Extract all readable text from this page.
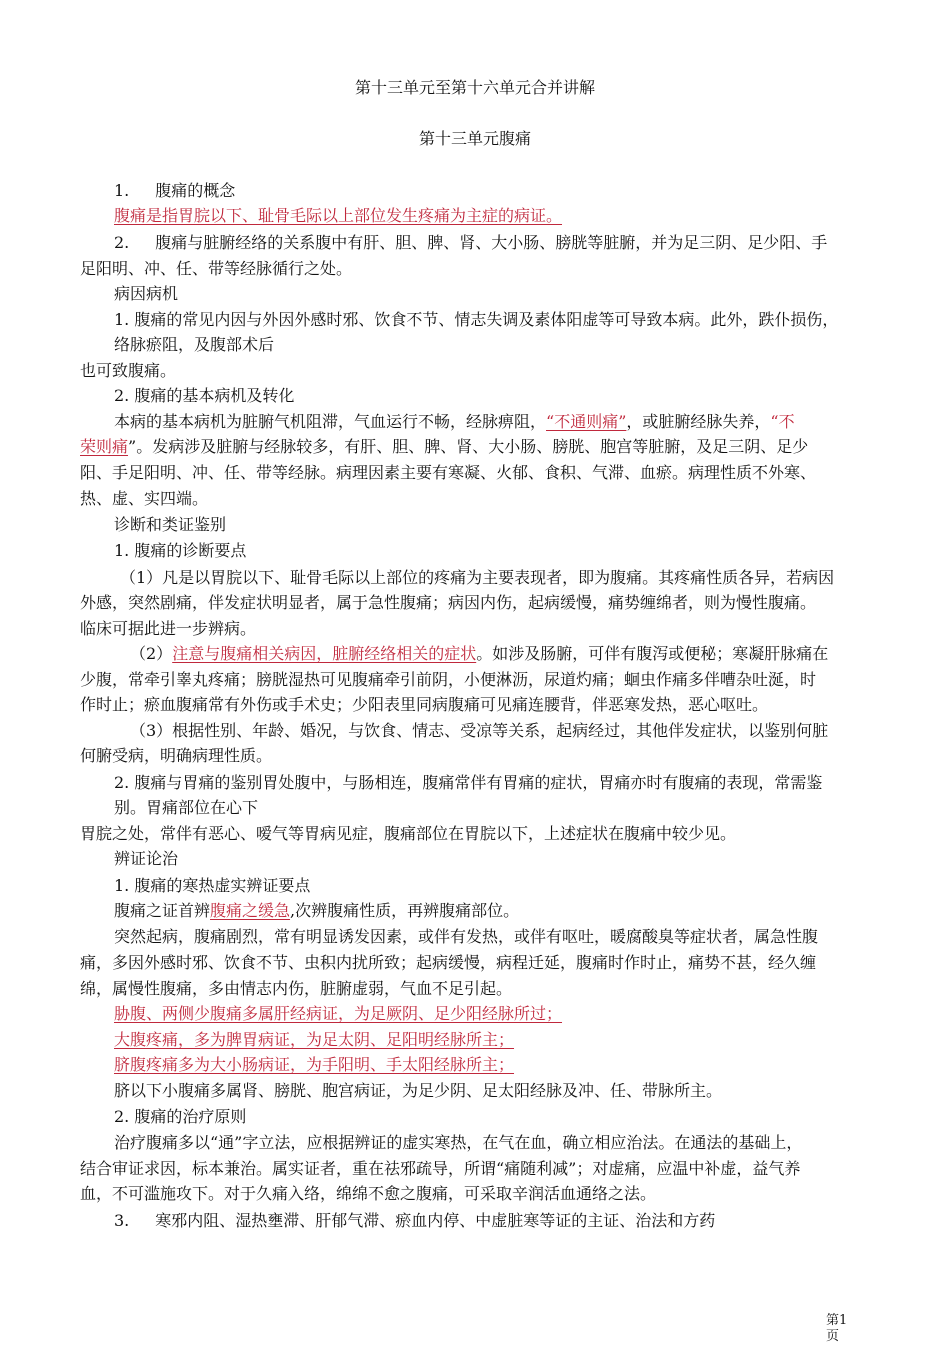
第十三单元至第十六单元合并讲解
第十三单元腹痛
1. 腹痛的概念
腹痛是指胃脘以下、耻骨毛际以上部位发生疼痛为主症的病证。
2. 腹痛与脏腑经络的关系腹中有肝、胆、脾、肾、大小肠、膀胱等脏腑，并为足三阴、足少阳、手
足阳明、冲、任、带等经脉循行之处。
病因病机
1. 腹痛的常见内因与外因外感时邪、饮食不节、情志失调及素体阳虚等可导致本病。此外，跌仆损伤，
络脉瘀阻，及腹部术后
也可致腹痛。
2. 腹痛的基本病机及转化
本病的基本病机为脏腑气机阻滞，气血运行不畅，经脉痹阻，“不通则痛”，或脏腑经脉失养，“不
荣则痛”。发病涉及脏腑与经脉较多，有肝、胆、脾、肾、大小肠、膀胱、胞宫等脏腑，及足三阴、足少
阳、手足阳明、冲、任、带等经脉。病理因素主要有寒凝、火郁、食积、气滞、血瘀。病理性质不外寒、
热、虚、实四端。
诊断和类证鉴别
1. 腹痛的诊断要点
（1）凡是以胃脘以下、耻骨毛际以上部位的疼痛为主要表现者，即为腹痛。其疼痛性质各异，若病因
外感，突然剧痛，伴发症状明显者，属于急性腹痛；病因内伤，起病缓慢，痛势缠绵者，则为慢性腹痛。
临床可据此进一步辨病。
（2）注意与腹痛相关病因，脏腑经络相关的症状。如涉及肠腑，可伴有腹泻或便秘；寒凝肝脉痛在
少腹，常牵引睾丸疼痛；膀胱湿热可见腹痛牵引前阴，小便淋沥，尿道灼痛；蛔虫作痛多伴嘈杂吐涎，时
作时止；瘀血腹痛常有外伤或手术史；少阳表里同病腹痛可见痛连腰背，伴恶寒发热，恶心呕吐。
（3）根据性别、年龄、婚况，与饮食、情志、受凉等关系，起病经过，其他伴发症状，以鉴别何脏
何腑受病，明确病理性质。
2. 腹痛与胃痛的鉴别胃处腹中，与肠相连，腹痛常伴有胃痛的症状，胃痛亦时有腹痛的表现，常需鉴
别。胃痛部位在心下
胃脘之处，常伴有恶心、嗳气等胃病见症，腹痛部位在胃脘以下，上述症状在腹痛中较少见。
辨证论治
1. 腹痛的寒热虚实辨证要点
腹痛之证首辨腹痛之缓急,次辨腹痛性质，再辨腹痛部位。
突然起病，腹痛剧烈，常有明显诱发因素，或伴有发热，或伴有呕吐，暖腐酸臭等症状者，属急性腹
痛，多因外感时邪、饮食不节、虫积内扰所致；起病缓慢，病程迁延，腹痛时作时止，痛势不甚，经久缠
绵，属慢性腹痛，多由情志内伤，脏腑虚弱，气血不足引起。
胁腹、两侧少腹痛多属肝经病证，为足厥阴、足少阳经脉所过；
大腹疼痛，多为脾胃病证，为足太阴、足阳明经脉所主；
脐腹疼痛多为大小肠病证，为手阳明、手太阳经脉所主；
脐以下小腹痛多属肾、膀胱、胞宫病证，为足少阴、足太阳经脉及冲、任、带脉所主。
2. 腹痛的治疗原则
治疗腹痛多以“通”字立法，应根据辨证的虚实寒热，在气在血，确立相应治法。在通法的基础上，
结合审证求因，标本兼治。属实证者，重在祛邪疏导，所谓“痛随利减”；对虚痛，应温中补虚，益气养
血，不可滥施攻下。对于久痛入络，绵绵不愈之腹痛，可采取辛润活血通络之法。
3. 寒邪内阻、湿热壅滞、肝郁气滞、瘀血内停、中虚脏寒等证的主证、治法和方药
第1页
